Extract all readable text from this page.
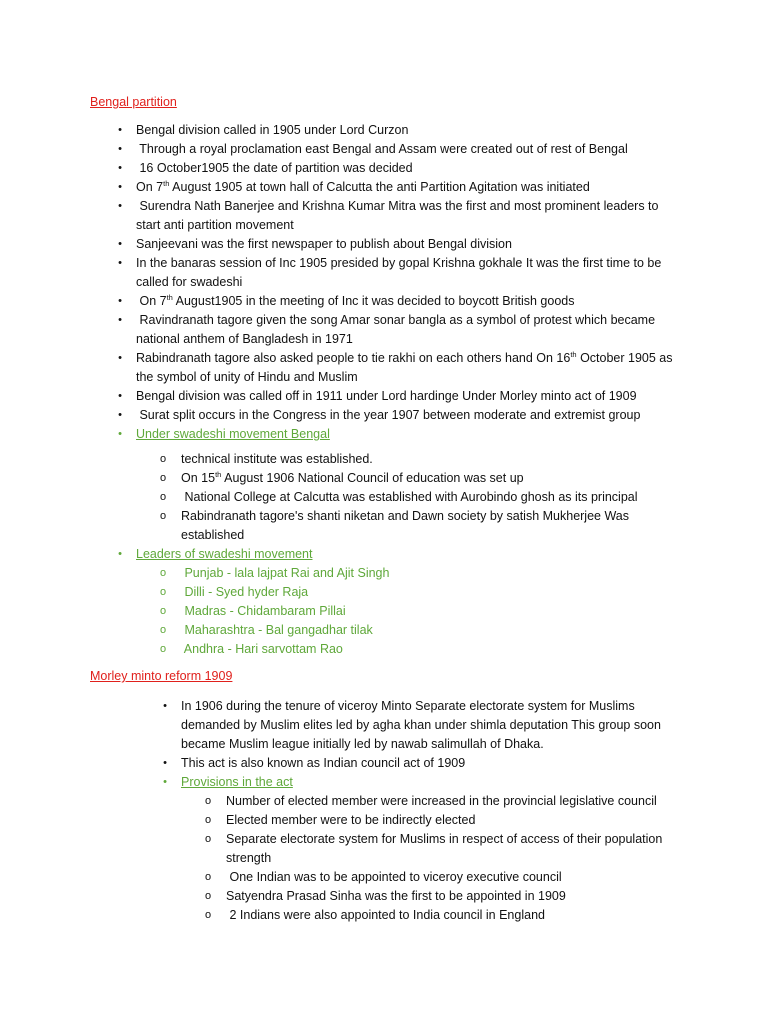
Bengal partition
• Bengal division called in 1905 under Lord Curzon
• Through a royal proclamation east Bengal and Assam were created out of rest of Bengal
• 16 October1905 the date of partition was decided
• On 7th August 1905 at town hall of Calcutta the anti Partition Agitation was initiated
• Surendra Nath Banerjee and Krishna Kumar Mitra was the first and most prominent leaders to
start anti partition movement
• Sanjeevani was the first newspaper to publish about Bengal division
• In the banaras session of Inc 1905 presided by gopal Krishna gokhale It was the first time to be
called for swadeshi
• On 7th August1905 in the meeting of Inc it was decided to boycott British goods
• Ravindranath tagore given the song Amar sonar bangla as a symbol of protest which became
national anthem of Bangladesh in 1971
• Rabindranath tagore also asked people to tie rakhi on each others hand On 16th October 1905 as
the symbol of unity of Hindu and Muslim
• Bengal division was called off in 1911 under Lord hardinge Under Morley minto act of 1909
• Surat split occurs in the Congress in the year 1907 between moderate and extremist group
• Under swadeshi movement Bengal
o technical institute was established.
o On 15th August 1906 National Council of education was set up
o National College at Calcutta was established with Aurobindo ghosh as its principal
o Rabindranath tagore's shanti niketan and Dawn society by satish Mukherjee Was
established
• Leaders of swadeshi movement
o Punjab - lala lajpat Rai and Ajit Singh
o Dilli - Syed hyder Raja
o Madras - Chidambaram Pillai
o Maharashtra - Bal gangadhar tilak
o Andhra - Hari sarvottam Rao
Morley minto reform 1909
• In 1906 during the tenure of viceroy Minto Separate electorate system for Muslims
demanded by Muslim elites led by agha khan under shimla deputation This group soon
became Muslim league initially led by nawab salimullah of Dhaka.
• This act is also known as Indian council act of 1909
• Provisions in the act
o Number of elected member were increased in the provincial legislative council
o Elected member were to be indirectly elected
o Separate electorate system for Muslims in respect of access of their population
strength
o One Indian was to be appointed to viceroy executive council
o Satyendra Prasad Sinha was the first to be appointed in 1909
o 2 Indians were also appointed to India council in England
